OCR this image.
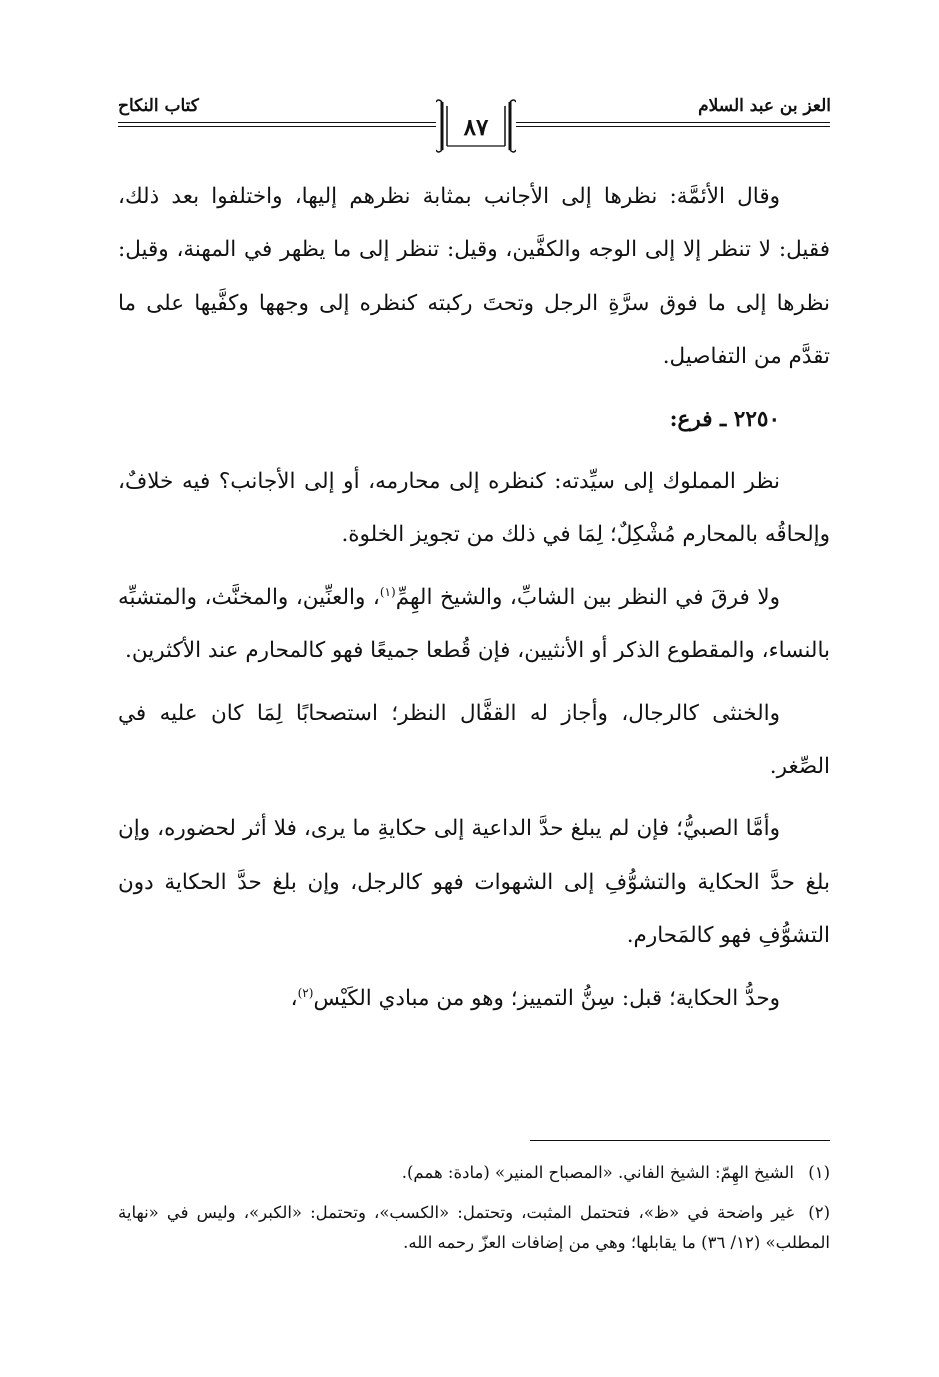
العز بن عبد السلام
كتاب النكاح
٨٧

وقال الأئمَّة: نظرها إلى الأجانب بمثابة نظرهم إليها، واختلفوا بعد ذلك، فقيل: لا تنظر إلا إلى الوجه والكفَّين، وقيل: تنظر إلى ما يظهر في المهنة، وقيل: نظرها إلى ما فوق سرَّةِ الرجل وتحتَ ركبته كنظره إلى وجهها وكفَّيها على ما تقدَّم من التفاصيل.

٢٢٥٠ ـ فرع:

نظر المملوك إلى سيِّدته: كنظره إلى محارمه، أو إلى الأجانب؟ فيه خلافٌ، وإلحاقُه بالمحارم مُشْكِلٌ؛ لِمَا في ذلك من تجويز الخلوة.

ولا فرقَ في النظر بين الشابِّ، والشيخ الهِمِّ$^{(١)}$، والعنِّين، والمخنَّث، والمتشبِّه بالنساء، والمقطوع الذكر أو الأنثيين، فإن قُطعا جميعًا فهو كالمحارم عند الأكثرين.

والخنثى كالرجال، وأجاز له القفَّال النظر؛ استصحابًا لِمَا كان عليه في الصِّغر.

وأمَّا الصبيُّ؛ فإن لم يبلغ حدَّ الداعية إلى حكايةِ ما يرى، فلا أثر لحضوره، وإن بلغ حدَّ الحكاية والتشوُّفِ إلى الشهوات فهو كالرجل، وإن بلغ حدَّ الحكاية دون التشوُّفِ فهو كالمَحارم.

وحدُّ الحكاية؛ قبل: سِنُّ التمييز؛ وهو من مبادي الكَيْس$^{(٢)}$،

(١)الشيخ الهِمّ: الشيخ الفاني. «المصباح المنير» (مادة: همم).
(٢)غير واضحة في «ظ»، فتحتمل المثبت، وتحتمل: «الكسب»، وتحتمل: «الكبر»، وليس في «نهاية المطلب» (١٢/ ٣٦) ما يقابلها؛ وهي من إضافات العزّ رحمه الله.
